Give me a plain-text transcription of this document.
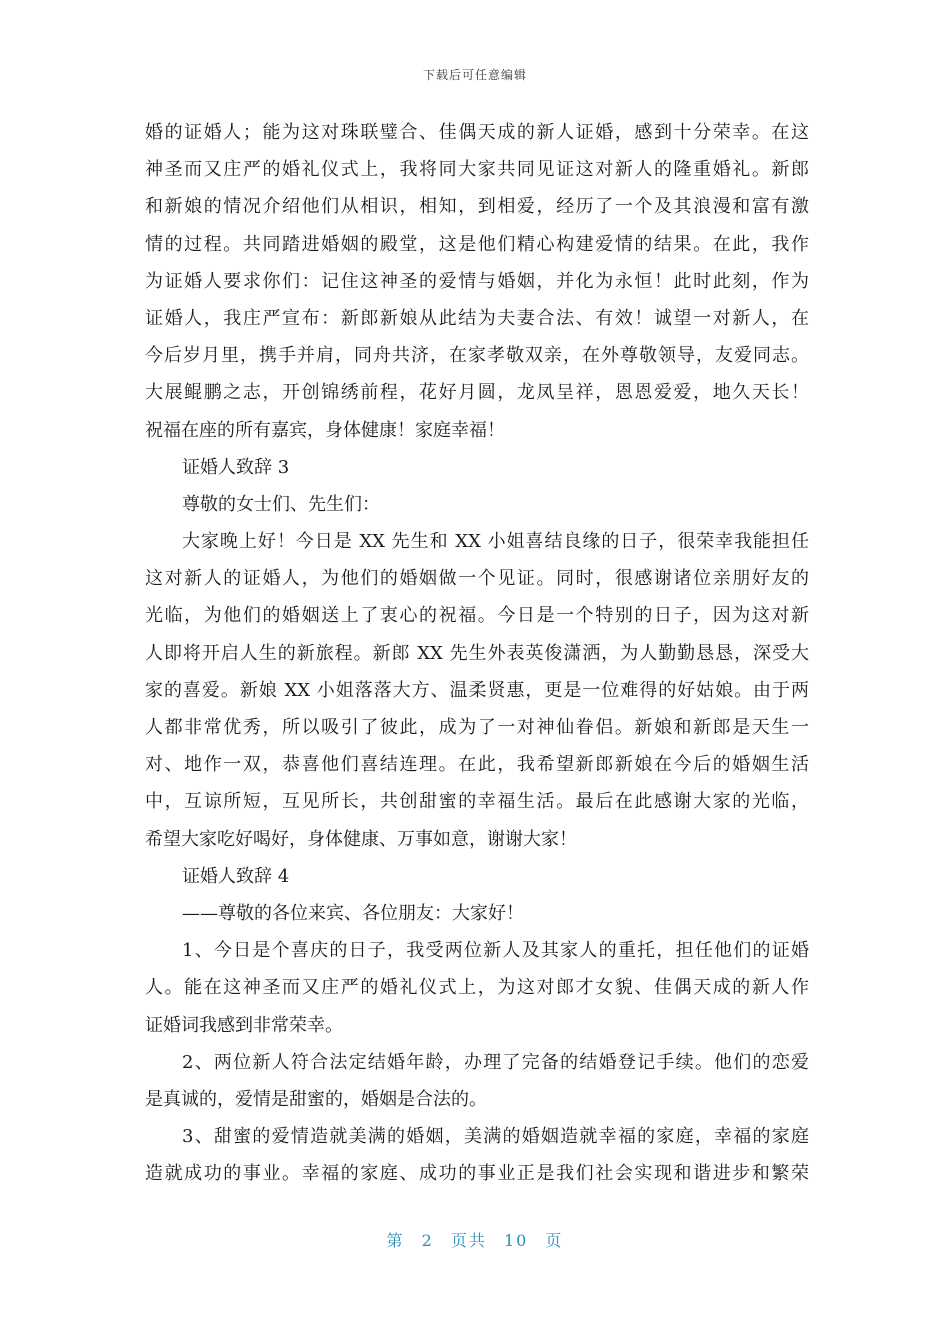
下载后可任意编辑
婚的证婚人；能为这对珠联璧合、佳偶天成的新人证婚，感到十分荣幸。在这
神圣而又庄严的婚礼仪式上，我将同大家共同见证这对新人的隆重婚礼。新郎
和新娘的情况介绍他们从相识，相知，到相爱，经历了一个及其浪漫和富有激
情的过程。共同踏进婚姻的殿堂，这是他们精心构建爱情的结果。在此，我作
为证婚人要求你们：记住这神圣的爱情与婚姻，并化为永恒！此时此刻，作为
证婚人，我庄严宣布：新郎新娘从此结为夫妻合法、有效！诚望一对新人，在
今后岁月里，携手并肩，同舟共济，在家孝敬双亲，在外尊敬领导，友爱同志。
大展鲲鹏之志，开创锦绣前程，花好月圆，龙凤呈祥，恩恩爱爱，地久天长！
祝福在座的所有嘉宾，身体健康！家庭幸福！
证婚人致辞 3
尊敬的女士们、先生们：
大家晚上好！今日是 XX 先生和 XX 小姐喜结良缘的日子，很荣幸我能担任
这对新人的证婚人，为他们的婚姻做一个见证。同时，很感谢诸位亲朋好友的
光临，为他们的婚姻送上了衷心的祝福。今日是一个特别的日子，因为这对新
人即将开启人生的新旅程。新郎 XX 先生外表英俊潇洒，为人勤勤恳恳，深受大
家的喜爱。新娘 XX 小姐落落大方、温柔贤惠，更是一位难得的好姑娘。由于两
人都非常优秀，所以吸引了彼此，成为了一对神仙眷侣。新娘和新郎是天生一
对、地作一双，恭喜他们喜结连理。在此，我希望新郎新娘在今后的婚姻生活
中，互谅所短，互见所长，共创甜蜜的幸福生活。最后在此感谢大家的光临，
希望大家吃好喝好，身体健康、万事如意，谢谢大家！
证婚人致辞 4
——尊敬的各位来宾、各位朋友：大家好！
1、今日是个喜庆的日子，我受两位新人及其家人的重托，担任他们的证婚
人。能在这神圣而又庄严的婚礼仪式上，为这对郎才女貌、佳偶天成的新人作
证婚词我感到非常荣幸。
2、两位新人符合法定结婚年龄，办理了完备的结婚登记手续。他们的恋爱
是真诚的，爱情是甜蜜的，婚姻是合法的。
3、甜蜜的爱情造就美满的婚姻，美满的婚姻造就幸福的家庭，幸福的家庭
造就成功的事业。幸福的家庭、成功的事业正是我们社会实现和谐进步和繁荣
第 2 页共 10 页
